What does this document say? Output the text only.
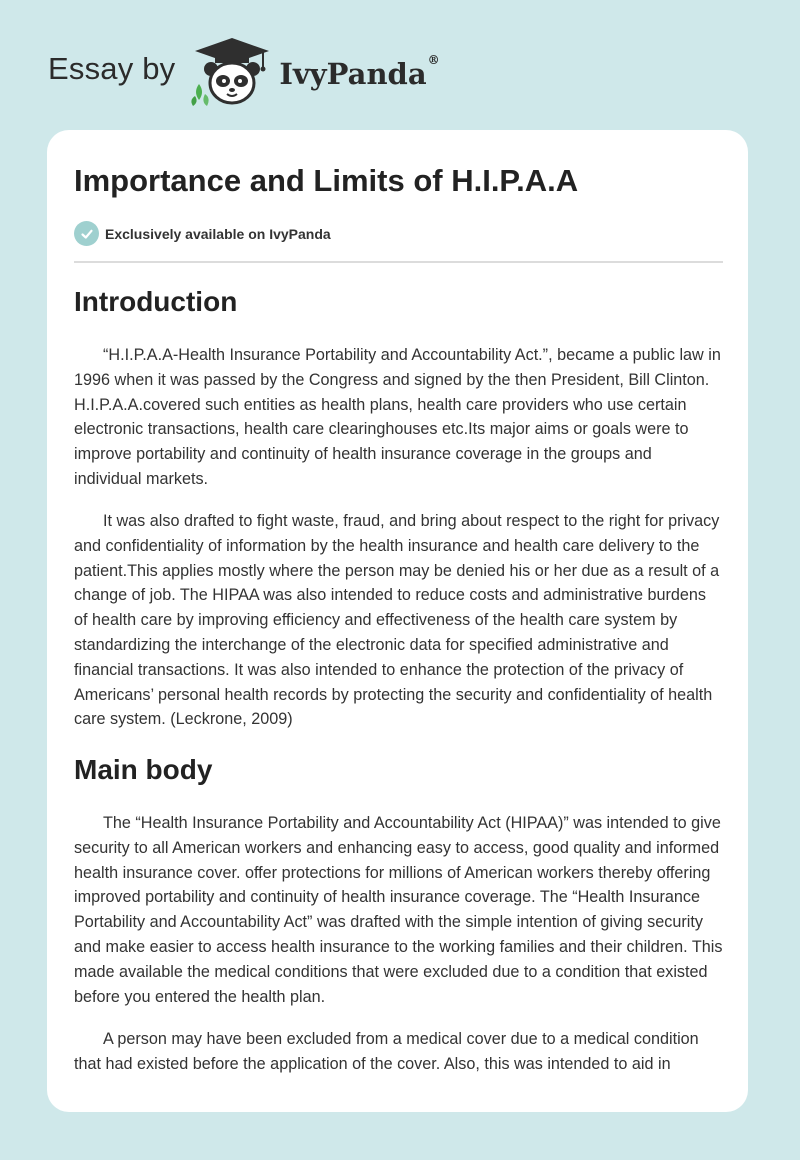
Essay by	IvyPanda®
Importance and Limits of H.I.P.A.A
Exclusively available on IvyPanda
Introduction

“H.I.P.A.A-Health Insurance Portability and Accountability Act.”, became a public law in 1996 when it was passed by the Congress and signed by the then President, Bill Clinton. H.I.P.A.A.covered such entities as health plans, health care providers who use certain electronic transactions, health care clearinghouses etc.Its major aims or goals were to improve portability and continuity of health insurance coverage in the groups and individual markets.

It was also drafted to fight waste, fraud, and bring about respect to the right for privacy and confidentiality of information by the health insurance and health care delivery to the patient.This applies mostly where the person may be denied his or her due as a result of a change of job. The HIPAA was also intended to reduce costs and administrative burdens of health care by improving efficiency and effectiveness of the health care system by standardizing the interchange of the electronic data for specified administrative and financial transactions. It was also intended to enhance the protection of the privacy of Americans’ personal health records by protecting the security and confidentiality of health care system. (Leckrone, 2009)

Main body

The “Health Insurance Portability and Accountability Act (HIPAA)” was intended to give security to all American workers and enhancing easy to access, good quality and informed health insurance cover. offer protections for millions of American workers thereby offering improved portability and continuity of health insurance coverage. The “Health Insurance Portability and Accountability Act” was drafted with the simple intention of giving security and make easier to access health insurance to the working families and their children. This made available the medical conditions that were excluded due to a condition that existed before you entered the health plan.

A person may have been excluded from a medical cover due to a medical condition that had existed before the application of the cover. Also, this was intended to aid in
